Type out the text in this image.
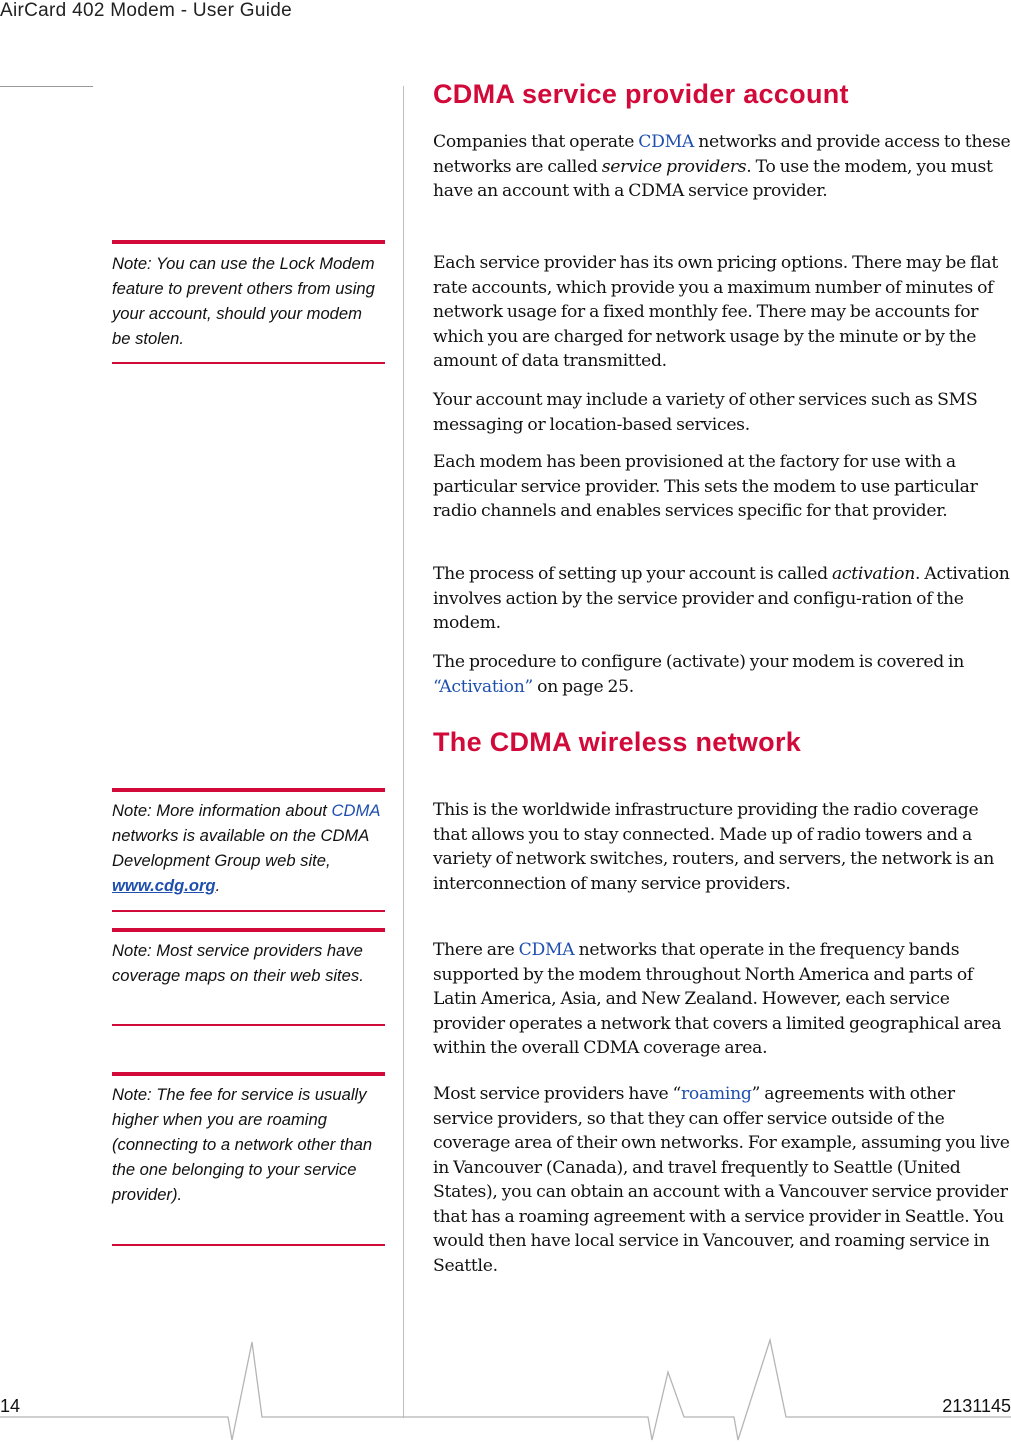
AirCard 402 Modem - User Guide
CDMA service provider account

Companies that operate CDMA networks and provide access to these networks are called service providers. To use the modem, you must have an account with a CDMA service provider.

Each service provider has its own pricing options. There may be flat rate accounts, which provide you a maximum number of minutes of network usage for a fixed monthly fee. There may be accounts for which you are charged for network usage by the minute or by the amount of data transmitted.

Your account may include a variety of other services such as SMS messaging or location-based services.

Each modem has been provisioned at the factory for use with a particular service provider. This sets the modem to use particular radio channels and enables services specific for that provider.

The process of setting up your account is called activation. Activation involves action by the service provider and configu-ration of the modem.

The procedure to configure (activate) your modem is covered in “Activation” on page 25.

The CDMA wireless network

This is the worldwide infrastructure providing the radio coverage that allows you to stay connected. Made up of radio towers and a variety of network switches, routers, and servers, the network is an interconnection of many service providers.

There are CDMA networks that operate in the frequency bands supported by the modem throughout North America and parts of Latin America, Asia, and New Zealand. However, each service provider operates a network that covers a limited geographical area within the overall CDMA coverage area.

Most service providers have “roaming” agreements with other service providers, so that they can offer service outside of the coverage area of their own networks. For example, assuming you live in Vancouver (Canada), and travel frequently to Seattle (United States), you can obtain an account with a Vancouver service provider that has a roaming agreement with a service provider in Seattle. You would then have local service in Vancouver, and roaming service in Seattle.

Note: You can use the Lock Modem feature to prevent others from using your account, should your modem be stolen.
Note: More information about CDMA networks is available on the CDMA Development Group web site, www.cdg.org.
Note: Most service providers have coverage maps on their web sites.
Note: The fee for service is usually higher when you are roaming (connecting to a network other than the one belonging to your service provider).
14	2131145
